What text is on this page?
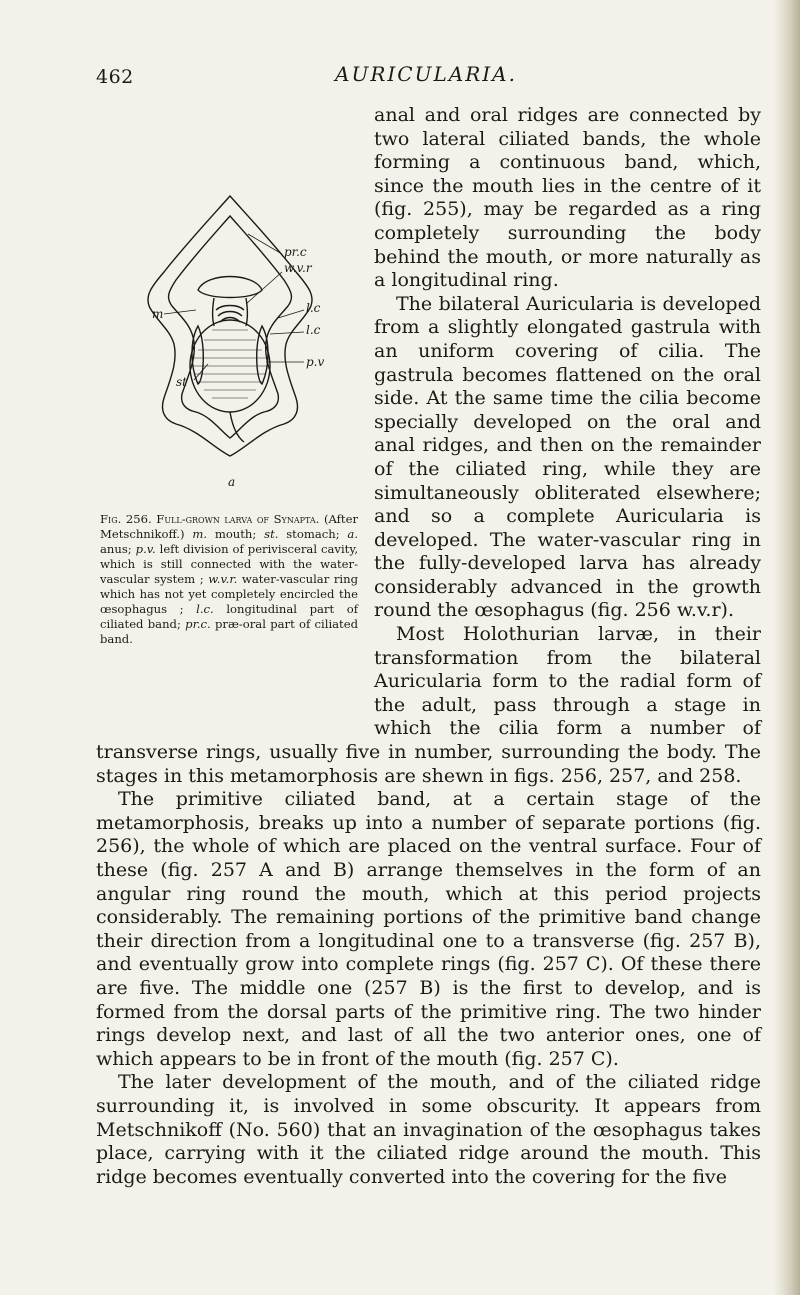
462	AURICULARIA.
pr.c
w.v.r
l.c
l.c
m
p.v
st
a
Fig. 256. Full-grown larva of Synapta. (After Metschnikoff.) m. mouth; st. stomach; a. anus; p.v. left division of perivisceral cavity, which is still connected with the water-vascular system ; w.v.r. water-vascular ring which has not yet completely encircled the œsophagus ; l.c. longitudinal part of ciliated band; pr.c. præ-oral part of ciliated band.

anal and oral ridges are connected by two lateral ciliated bands, the whole forming a continuous band, which, since the mouth lies in the centre of it (fig. 255), may be regarded as a ring completely surrounding the body behind the mouth, or more naturally as a longitudinal ring.

The bilateral Auricularia is developed from a slightly elongated gastrula with an uniform covering of cilia. The gastrula becomes flattened on the oral side. At the same time the cilia become specially developed on the oral and anal ridges, and then on the remainder of the ciliated ring, while they are simultaneously obliterated elsewhere; and so a complete Auricularia is developed. The water-vascular ring in the fully-developed larva has already considerably advanced in the growth round the œsophagus (fig. 256 w.v.r).

Most Holothurian larvæ, in their transformation from the bilateral Auricularia form to the radial form of the adult, pass through a stage in which the cilia form a number of transverse rings, usually five in number, surrounding the body. The stages in this metamorphosis are shewn in figs. 256, 257, and 258.

The primitive ciliated band, at a certain stage of the metamorphosis, breaks up into a number of separate portions (fig. 256), the whole of which are placed on the ventral surface. Four of these (fig. 257 A and B) arrange themselves in the form of an angular ring round the mouth, which at this period projects considerably. The remaining portions of the primitive band change their direction from a longitudinal one to a transverse (fig. 257 B), and eventually grow into complete rings (fig. 257 C). Of these there are five. The middle one (257 B) is the first to develop, and is formed from the dorsal parts of the primitive ring. The two hinder rings develop next, and last of all the two anterior ones, one of which appears to be in front of the mouth (fig. 257 C).

The later development of the mouth, and of the ciliated ridge surrounding it, is involved in some obscurity. It appears from Metschnikoff (No. 560) that an invagination of the œsophagus takes place, carrying with it the ciliated ridge around the mouth. This ridge becomes eventually converted into the covering for the five
